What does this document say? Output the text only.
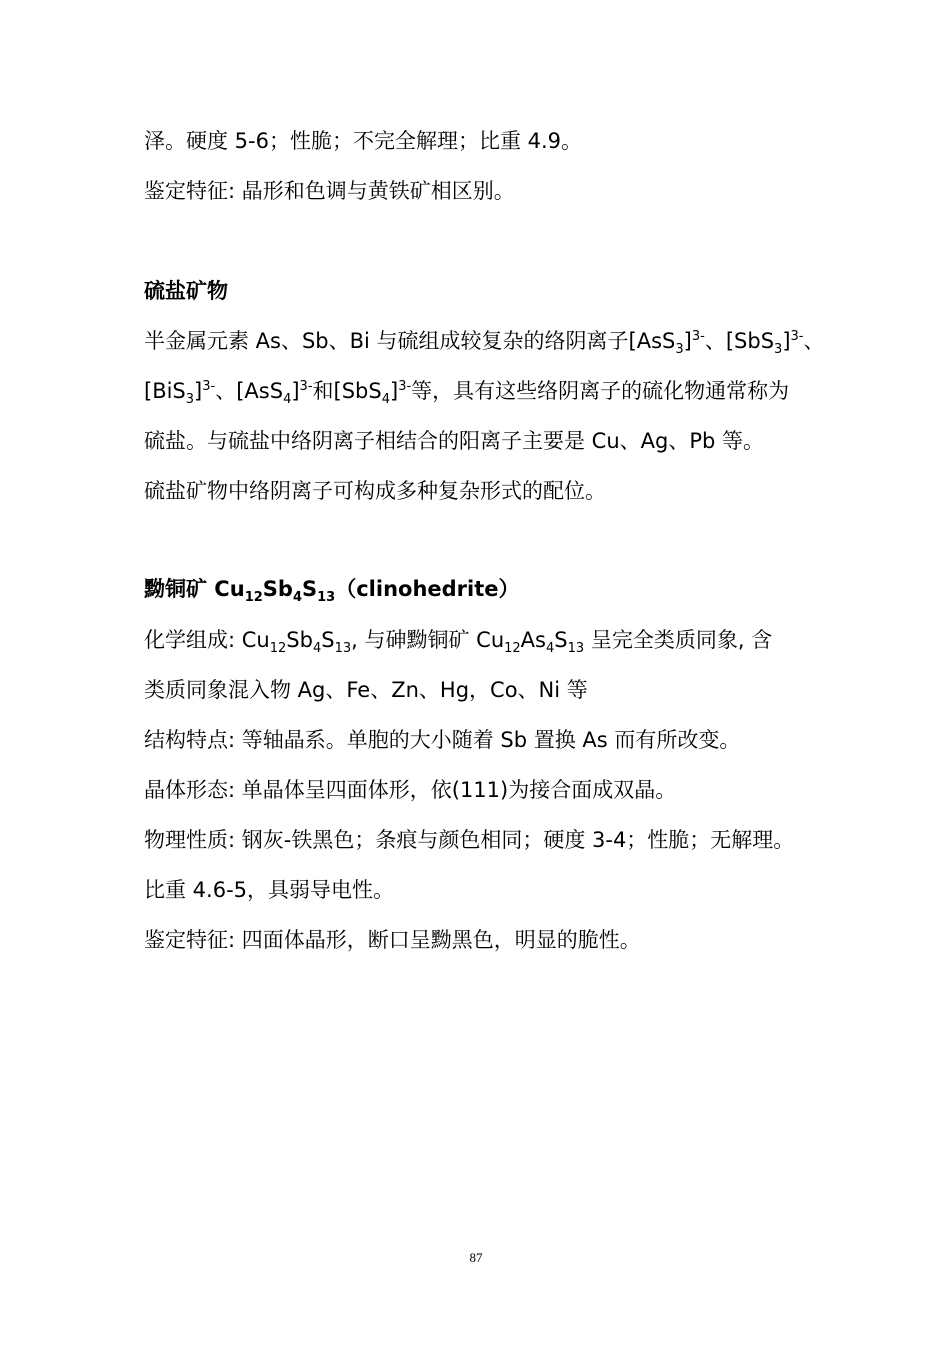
泽。硬度 5-6；性脆；不完全解理；比重 4.9。
鉴定特征: 晶形和色调与黄铁矿相区别。
硫盐矿物
半金属元素 As、Sb、Bi 与硫组成较复杂的络阴离子$[AsS_3]^{3-}$、$[SbS_3]^{3-}$、
$[BiS_3]^{3-}$、$[AsS_4]^{3-}$和$[SbS_4]^{3-}$等，具有这些络阴离子的硫化物通常称为
硫盐。与硫盐中络阴离子相结合的阳离子主要是 Cu、Ag、Pb 等。
硫盐矿物中络阴离子可构成多种复杂形式的配位。
黝铜矿 $Cu_{12}Sb_4S_{13}(clinohedrite)$
化学组成: $Cu_{12}Sb_4S_{13}$, 与砷黝铜矿 $Cu_{12}As_4S_{13}$ 呈完全类质同象, 含
类质同象混入物 Ag、Fe、Zn、Hg，Co、Ni 等
结构特点: 等轴晶系。单胞的大小随着 Sb 置换 As 而有所改变。
晶体形态: 单晶体呈四面体形，依(111)为接合面成双晶。
物理性质: 钢灰-铁黑色；条痕与颜色相同；硬度 3-4；性脆；无解理。
比重 4.6-5，具弱导电性。
鉴定特征: 四面体晶形，断口呈黝黑色，明显的脆性。
87
